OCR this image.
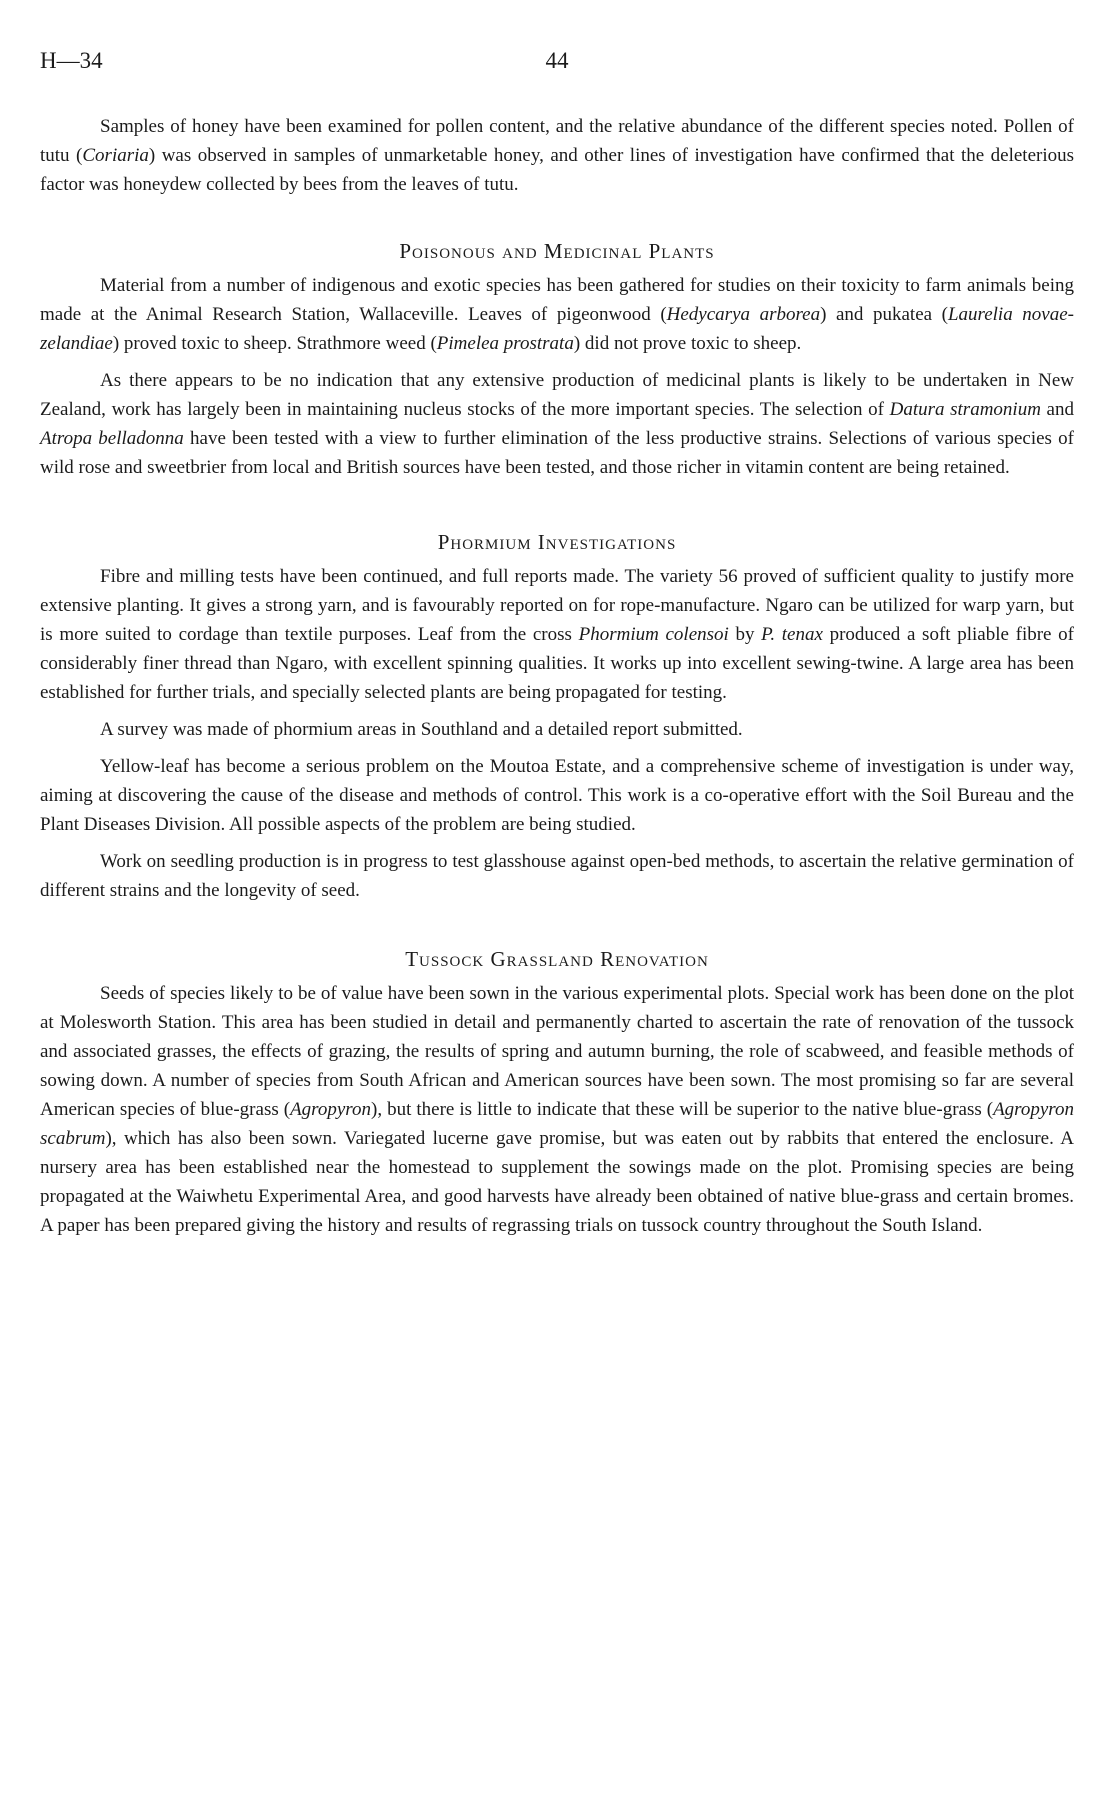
H—34	44

Samples of honey have been examined for pollen content, and the relative abundance of the different species noted. Pollen of tutu (Coriaria) was observed in samples of unmarketable honey, and other lines of investigation have confirmed that the deleterious factor was honeydew collected by bees from the leaves of tutu.

Poisonous and Medicinal Plants

Material from a number of indigenous and exotic species has been gathered for studies on their toxicity to farm animals being made at the Animal Research Station, Wallaceville. Leaves of pigeonwood (Hedycarya arborea) and pukatea (Laurelia novae-zelandiae) proved toxic to sheep. Strathmore weed (Pimelea prostrata) did not prove toxic to sheep.

As there appears to be no indication that any extensive production of medicinal plants is likely to be undertaken in New Zealand, work has largely been in maintaining nucleus stocks of the more important species. The selection of Datura stramonium and Atropa belladonna have been tested with a view to further elimination of the less productive strains. Selections of various species of wild rose and sweetbrier from local and British sources have been tested, and those richer in vitamin content are being retained.

Phormium Investigations

Fibre and milling tests have been continued, and full reports made. The variety 56 proved of sufficient quality to justify more extensive planting. It gives a strong yarn, and is favourably reported on for rope-manufacture. Ngaro can be utilized for warp yarn, but is more suited to cordage than textile purposes. Leaf from the cross Phormium colensoi by P. tenax produced a soft pliable fibre of considerably finer thread than Ngaro, with excellent spinning qualities. It works up into excellent sewing-twine. A large area has been established for further trials, and specially selected plants are being propagated for testing.

A survey was made of phormium areas in Southland and a detailed report submitted.

Yellow-leaf has become a serious problem on the Moutoa Estate, and a comprehensive scheme of investigation is under way, aiming at discovering the cause of the disease and methods of control. This work is a co-operative effort with the Soil Bureau and the Plant Diseases Division. All possible aspects of the problem are being studied.

Work on seedling production is in progress to test glasshouse against open-bed methods, to ascertain the relative germination of different strains and the longevity of seed.

Tussock Grassland Renovation

Seeds of species likely to be of value have been sown in the various experimental plots. Special work has been done on the plot at Molesworth Station. This area has been studied in detail and permanently charted to ascertain the rate of renovation of the tussock and associated grasses, the effects of grazing, the results of spring and autumn burning, the role of scabweed, and feasible methods of sowing down. A number of species from South African and American sources have been sown. The most promising so far are several American species of blue-grass (Agropyron), but there is little to indicate that these will be superior to the native blue-grass (Agropyron scabrum), which has also been sown. Variegated lucerne gave promise, but was eaten out by rabbits that entered the enclosure. A nursery area has been established near the homestead to supplement the sowings made on the plot. Promising species are being propagated at the Waiwhetu Experimental Area, and good harvests have already been obtained of native blue-grass and certain bromes. A paper has been prepared giving the history and results of regrassing trials on tussock country throughout the South Island.
